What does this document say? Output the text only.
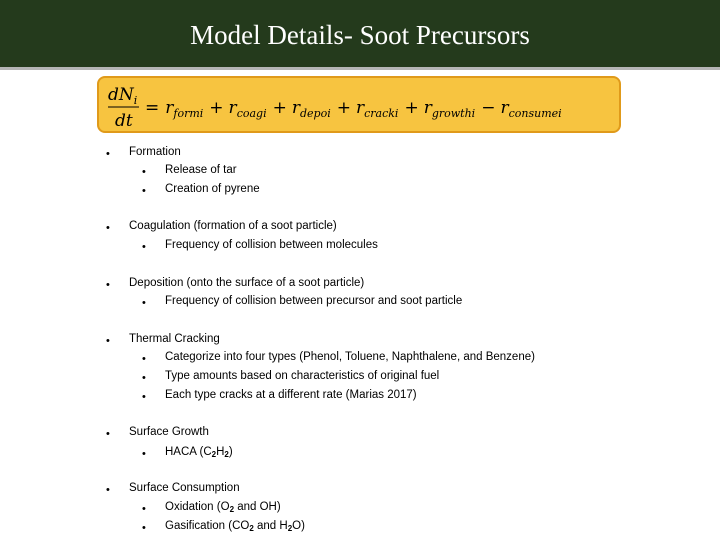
Model Details- Soot Precursors
$dN_i$
dt
= $r_{formi} + r_{coagi} + r_{depoi} + r_{cracki} + r_{growthi} - r_{consumei}$
• Formation
• Release of tar
• Creation of pyrene
• Coagulation (formation of a soot particle)
• Frequency of collision between molecules
• Deposition (onto the surface of a soot particle)
• Frequency of collision between precursor and soot particle
• Thermal Cracking
• Categorize into four types (Phenol, Toluene, Naphthalene, and Benzene)
• Type amounts based on characteristics of original fuel
• Each type cracks at a different rate (Marias 2017)
• Surface Growth
• HACA $(C_2H_2)$
• Surface Consumption
• Oxidation ($O_2$ and OH)
• Gasification ($CO_2$ and $H_2O$)
